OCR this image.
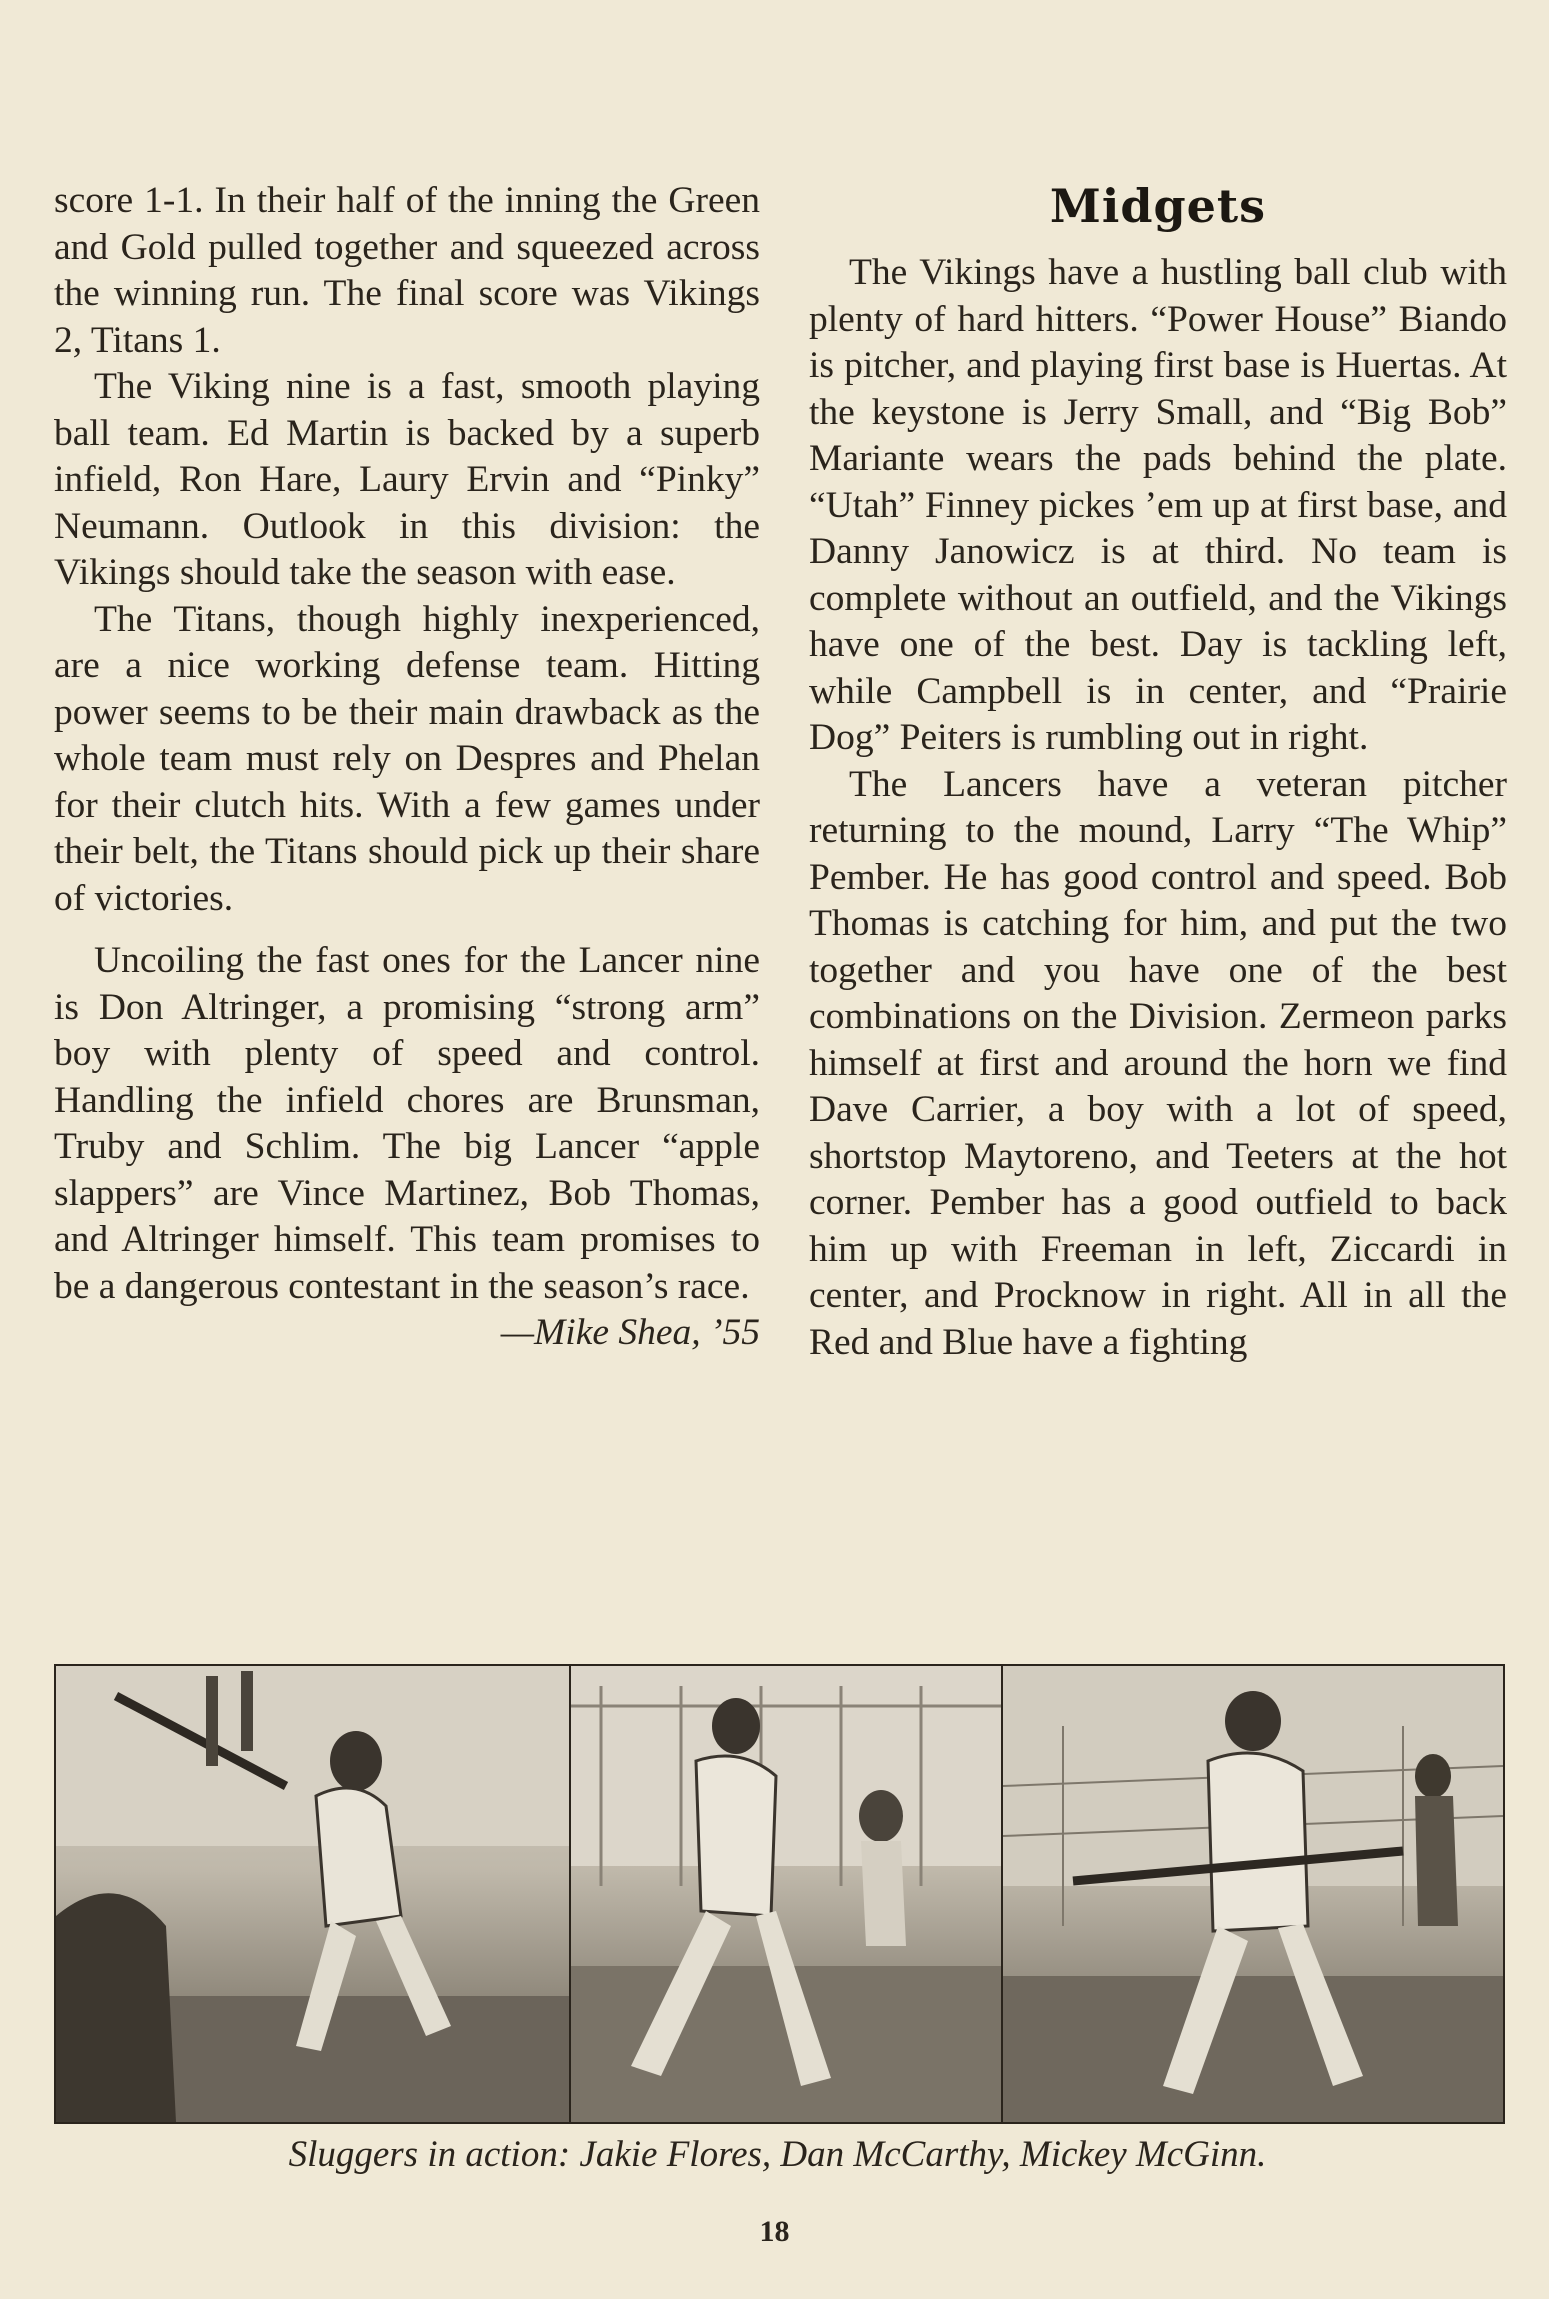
score 1-1. In their half of the inning the Green and Gold pulled together and squeezed across the winning run. The final score was Vikings 2, Titans 1.

The Viking nine is a fast, smooth playing ball team. Ed Martin is backed by a superb infield, Ron Hare, Laury Ervin and “Pinky” Neumann. Outlook in this division: the Vikings should take the season with ease.

The Titans, though highly inexperienced, are a nice working defense team. Hitting power seems to be their main drawback as the whole team must rely on Despres and Phelan for their clutch hits. With a few games under their belt, the Titans should pick up their share of victories.

Uncoiling the fast ones for the Lancer nine is Don Altringer, a promising “strong arm” boy with plenty of speed and control. Handling the infield chores are Brunsman, Truby and Schlim. The big Lancer “apple slappers” are Vince Martinez, Bob Thomas, and Altringer himself. This team promises to be a dangerous contestant in the season’s race.

—Mike Shea, ’55

Midgets

The Vikings have a hustling ball club with plenty of hard hitters. “Power House” Biando is pitcher, and playing first base is Huertas. At the keystone is Jerry Small, and “Big Bob” Mariante wears the pads behind the plate. “Utah” Finney pickes ’em up at first base, and Danny Janowicz is at third. No team is complete without an outfield, and the Vikings have one of the best. Day is tackling left, while Campbell is in center, and “Prairie Dog” Peiters is rumbling out in right.

The Lancers have a veteran pitcher returning to the mound, Larry “The Whip” Pember. He has good control and speed. Bob Thomas is catching for him, and put the two together and you have one of the best combinations on the Division. Zermeon parks himself at first and around the horn we find Dave Carrier, a boy with a lot of speed, shortstop Maytoreno, and Teeters at the hot corner. Pember has a good outfield to back him up with Freeman in left, Ziccardi in center, and Procknow in right. All in all the Red and Blue have a fighting

Sluggers in action: Jakie Flores, Dan McCarthy, Mickey McGinn.
18
